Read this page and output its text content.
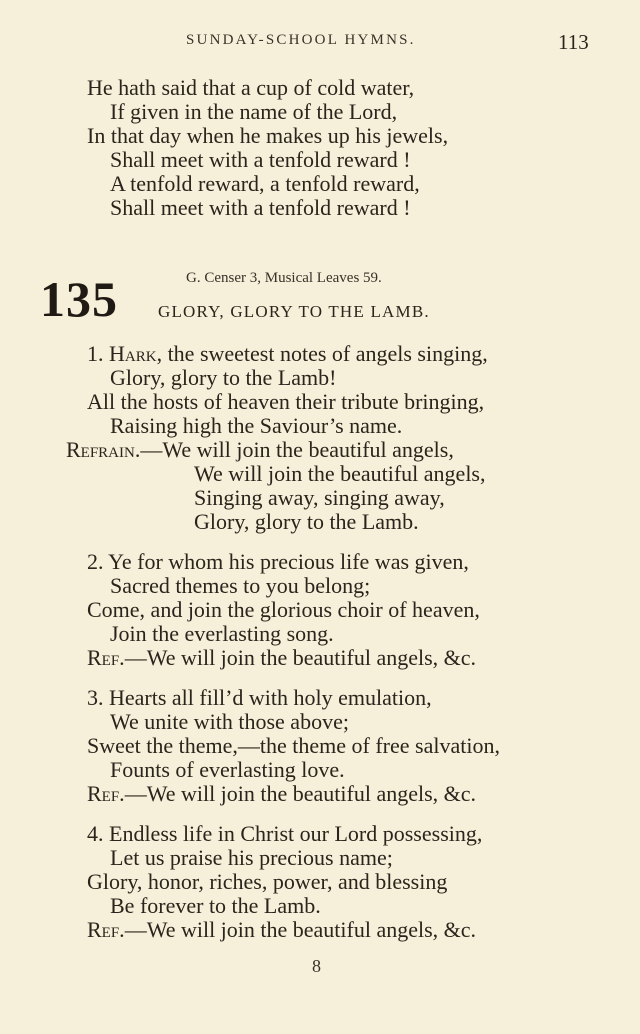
SUNDAY-SCHOOL HYMNS.	113
He hath said that a cup of cold water,
If given in the name of the Lord,
In that day when he makes up his jewels,
Shall meet with a tenfold reward !
A tenfold reward, a tenfold reward,
Shall meet with a tenfold reward !
135	G. Censer 3, Musical Leaves 59.
GLORY, GLORY TO THE LAMB.
1. Hark, the sweetest notes of angels singing,
Glory, glory to the Lamb!
All the hosts of heaven their tribute bringing,
Raising high the Saviour’s name.
Refrain.—We will join the beautiful angels,
We will join the beautiful angels,
Singing away, singing away,
Glory, glory to the Lamb.
2. Ye for whom his precious life was given,
Sacred themes to you belong;
Come, and join the glorious choir of heaven,
Join the everlasting song.
Ref.—We will join the beautiful angels, &c.
3. Hearts all fill’d with holy emulation,
We unite with those above;
Sweet the theme,—the theme of free salvation,
Founts of everlasting love.
Ref.—We will join the beautiful angels, &c.
4. Endless life in Christ our Lord possessing,
Let us praise his precious name;
Glory, honor, riches, power, and blessing
Be forever to the Lamb.
Ref.—We will join the beautiful angels, &c.
8
